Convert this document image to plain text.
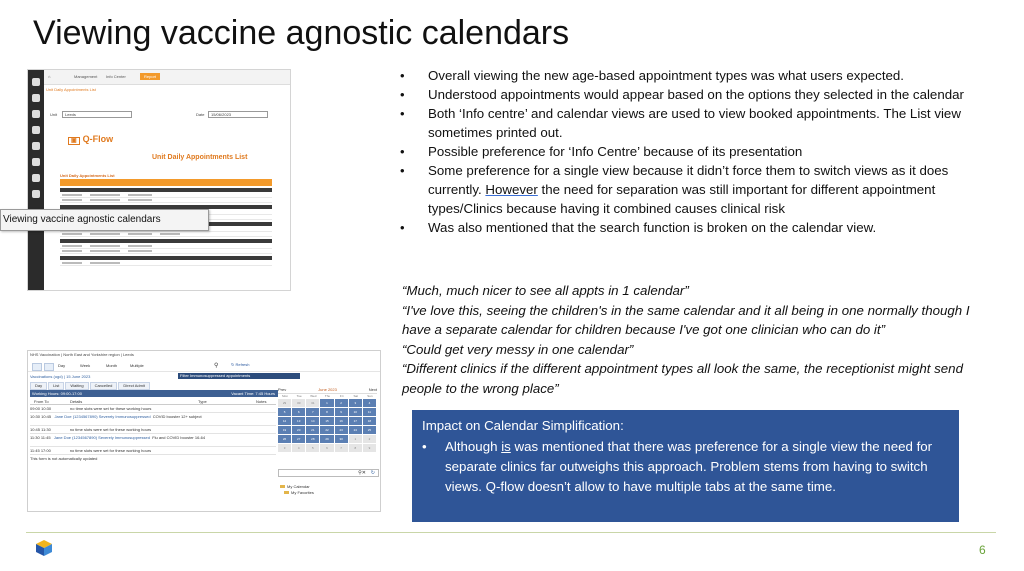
Viewing vaccine agnostic calendars
⌂	Management Info Center	Report
Unit Daily Appointments List
Unit Leeds	Date 15/06/2023
▣ Q-Flow
Unit Daily Appointments List
Unit Daily Appointments List
Viewing vaccine agnostic calendars
NHS Vaccination | North East and Yorkshire region | Leeds
Day	Week	Month	Multiple	⚲	↻ Refresh
Vaccinations (ogd) | 15 June 2023	Filter Immunosuppressed appointments
Day	List	Waiting	Cancelled	Direct Admit
Working Hours: 09:00-17:00	Vacant Time: 7:45 Hours
From To	Details	Type	Notes
09:00 10:30	no time slots were set for these working hours
10:30 10:45 Jane Doe (1234567890) Severely Immunosuppressed COVID booster 12+ subject
10:45 11:30	no time slots were set for these working hours
11:30 11:45 Jane Doe (1234567890) Severely Immunosuppressed Flu and COVID booster 16-64
11:45 17:00	no time slots were set for these working hours
This form is not automatically updated
Prev	June 2023	Next
Mon	Tue	Wed	Thu	Fri	Sat	Sun
29	30	31	1	2	3	4
5	6	7	8	9	10	11
12	13	14	15	16	17	18
19	20	21	22	23	24	25
26	27	28	29	30	1	2
3	4	5	6	7	8	9
⚲✕ ↻
My Calendar
My Favorites
• Overall viewing the new age-based appointment types was what users expected.
• Understood appointments would appear based on the options they selected in the calendar
• Both ‘Info centre’ and calendar views are used to view booked appointments. The List view sometimes printed out.
• Possible preference for ‘Info Centre’ because of its presentation
• Some preference for a single view because it didn’t force them to switch views as it does currently. However the need for separation was still important for different appointment types/Clinics because having it combined causes clinical risk
• Was also mentioned that the search function is broken on the calendar view.

“Much, much nicer to see all appts in 1 calendar”

“I've love this, seeing the children's in the same calendar and it all being in one normally though I have a separate calendar for children because I've got one clinician who can do it”

“Could get very messy in one calendar”

“Different clinics if the different appointment types all look the same, the receptionist might send people to the wrong place”

Impact on Calendar Simplification:
• Although is was mentioned that there was preference for a single view the need for separate clinics far outweighs this approach. Problem stems from having to switch views. Q-flow doesn’t allow to have multiple tabs at the same time.
6
